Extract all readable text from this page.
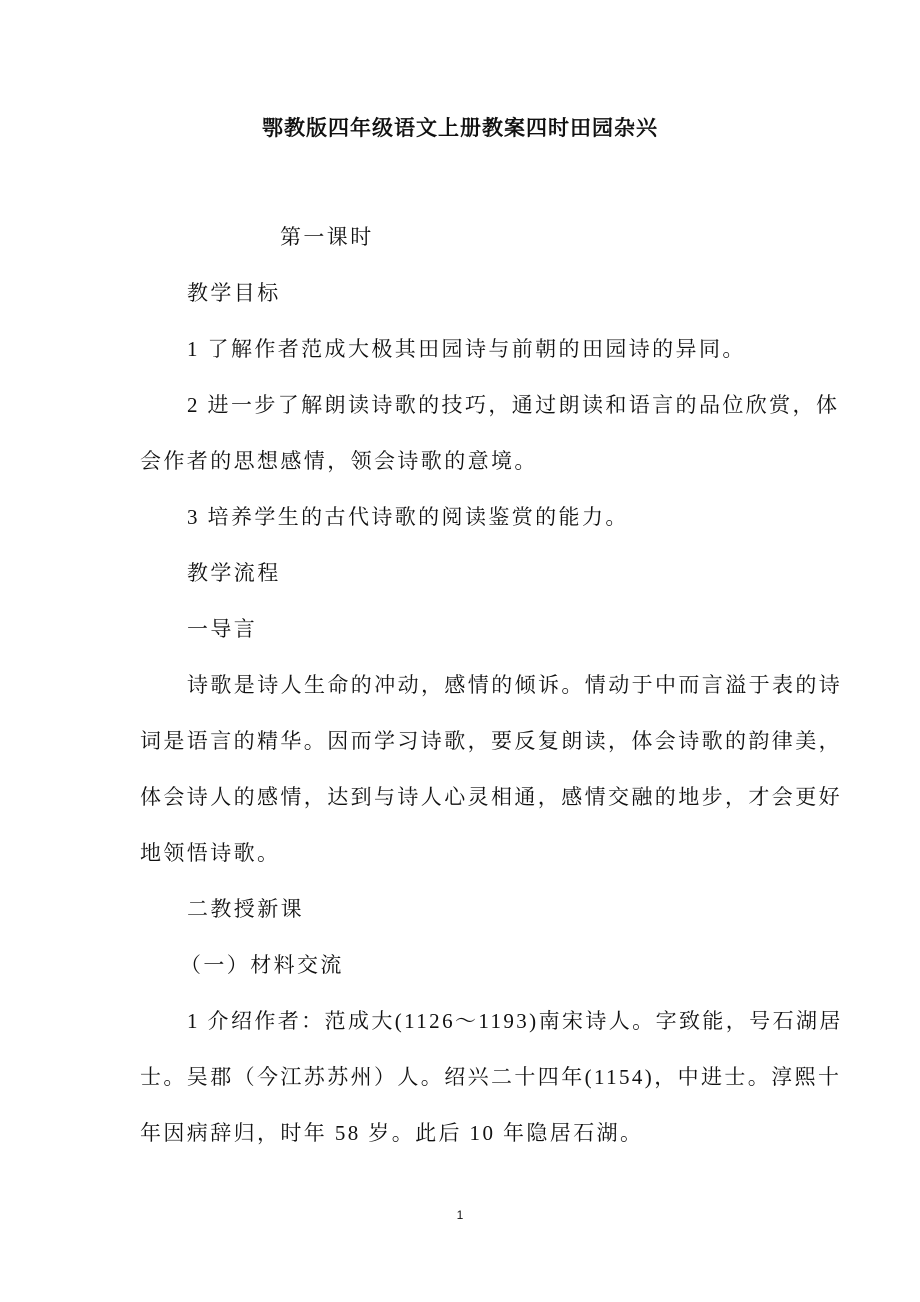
鄂教版四年级语文上册教案四时田园杂兴
第一课时
教学目标
1 了解作者范成大极其田园诗与前朝的田园诗的异同。
2 进一步了解朗读诗歌的技巧，通过朗读和语言的品位欣赏，体
会作者的思想感情，领会诗歌的意境。
3 培养学生的古代诗歌的阅读鉴赏的能力。
教学流程
一导言
诗歌是诗人生命的冲动，感情的倾诉。情动于中而言溢于表的诗
词是语言的精华。因而学习诗歌，要反复朗读，体会诗歌的韵律美，
体会诗人的感情，达到与诗人心灵相通，感情交融的地步，才会更好
地领悟诗歌。
二教授新课
（一）材料交流
1 介绍作者：范成大(1126～1193)南宋诗人。字致能，号石湖居
士。吴郡（今江苏苏州）人。绍兴二十四年(1154)，中进士。淳熙十
年因病辞归，时年 58 岁。此后 10 年隐居石湖。
1
